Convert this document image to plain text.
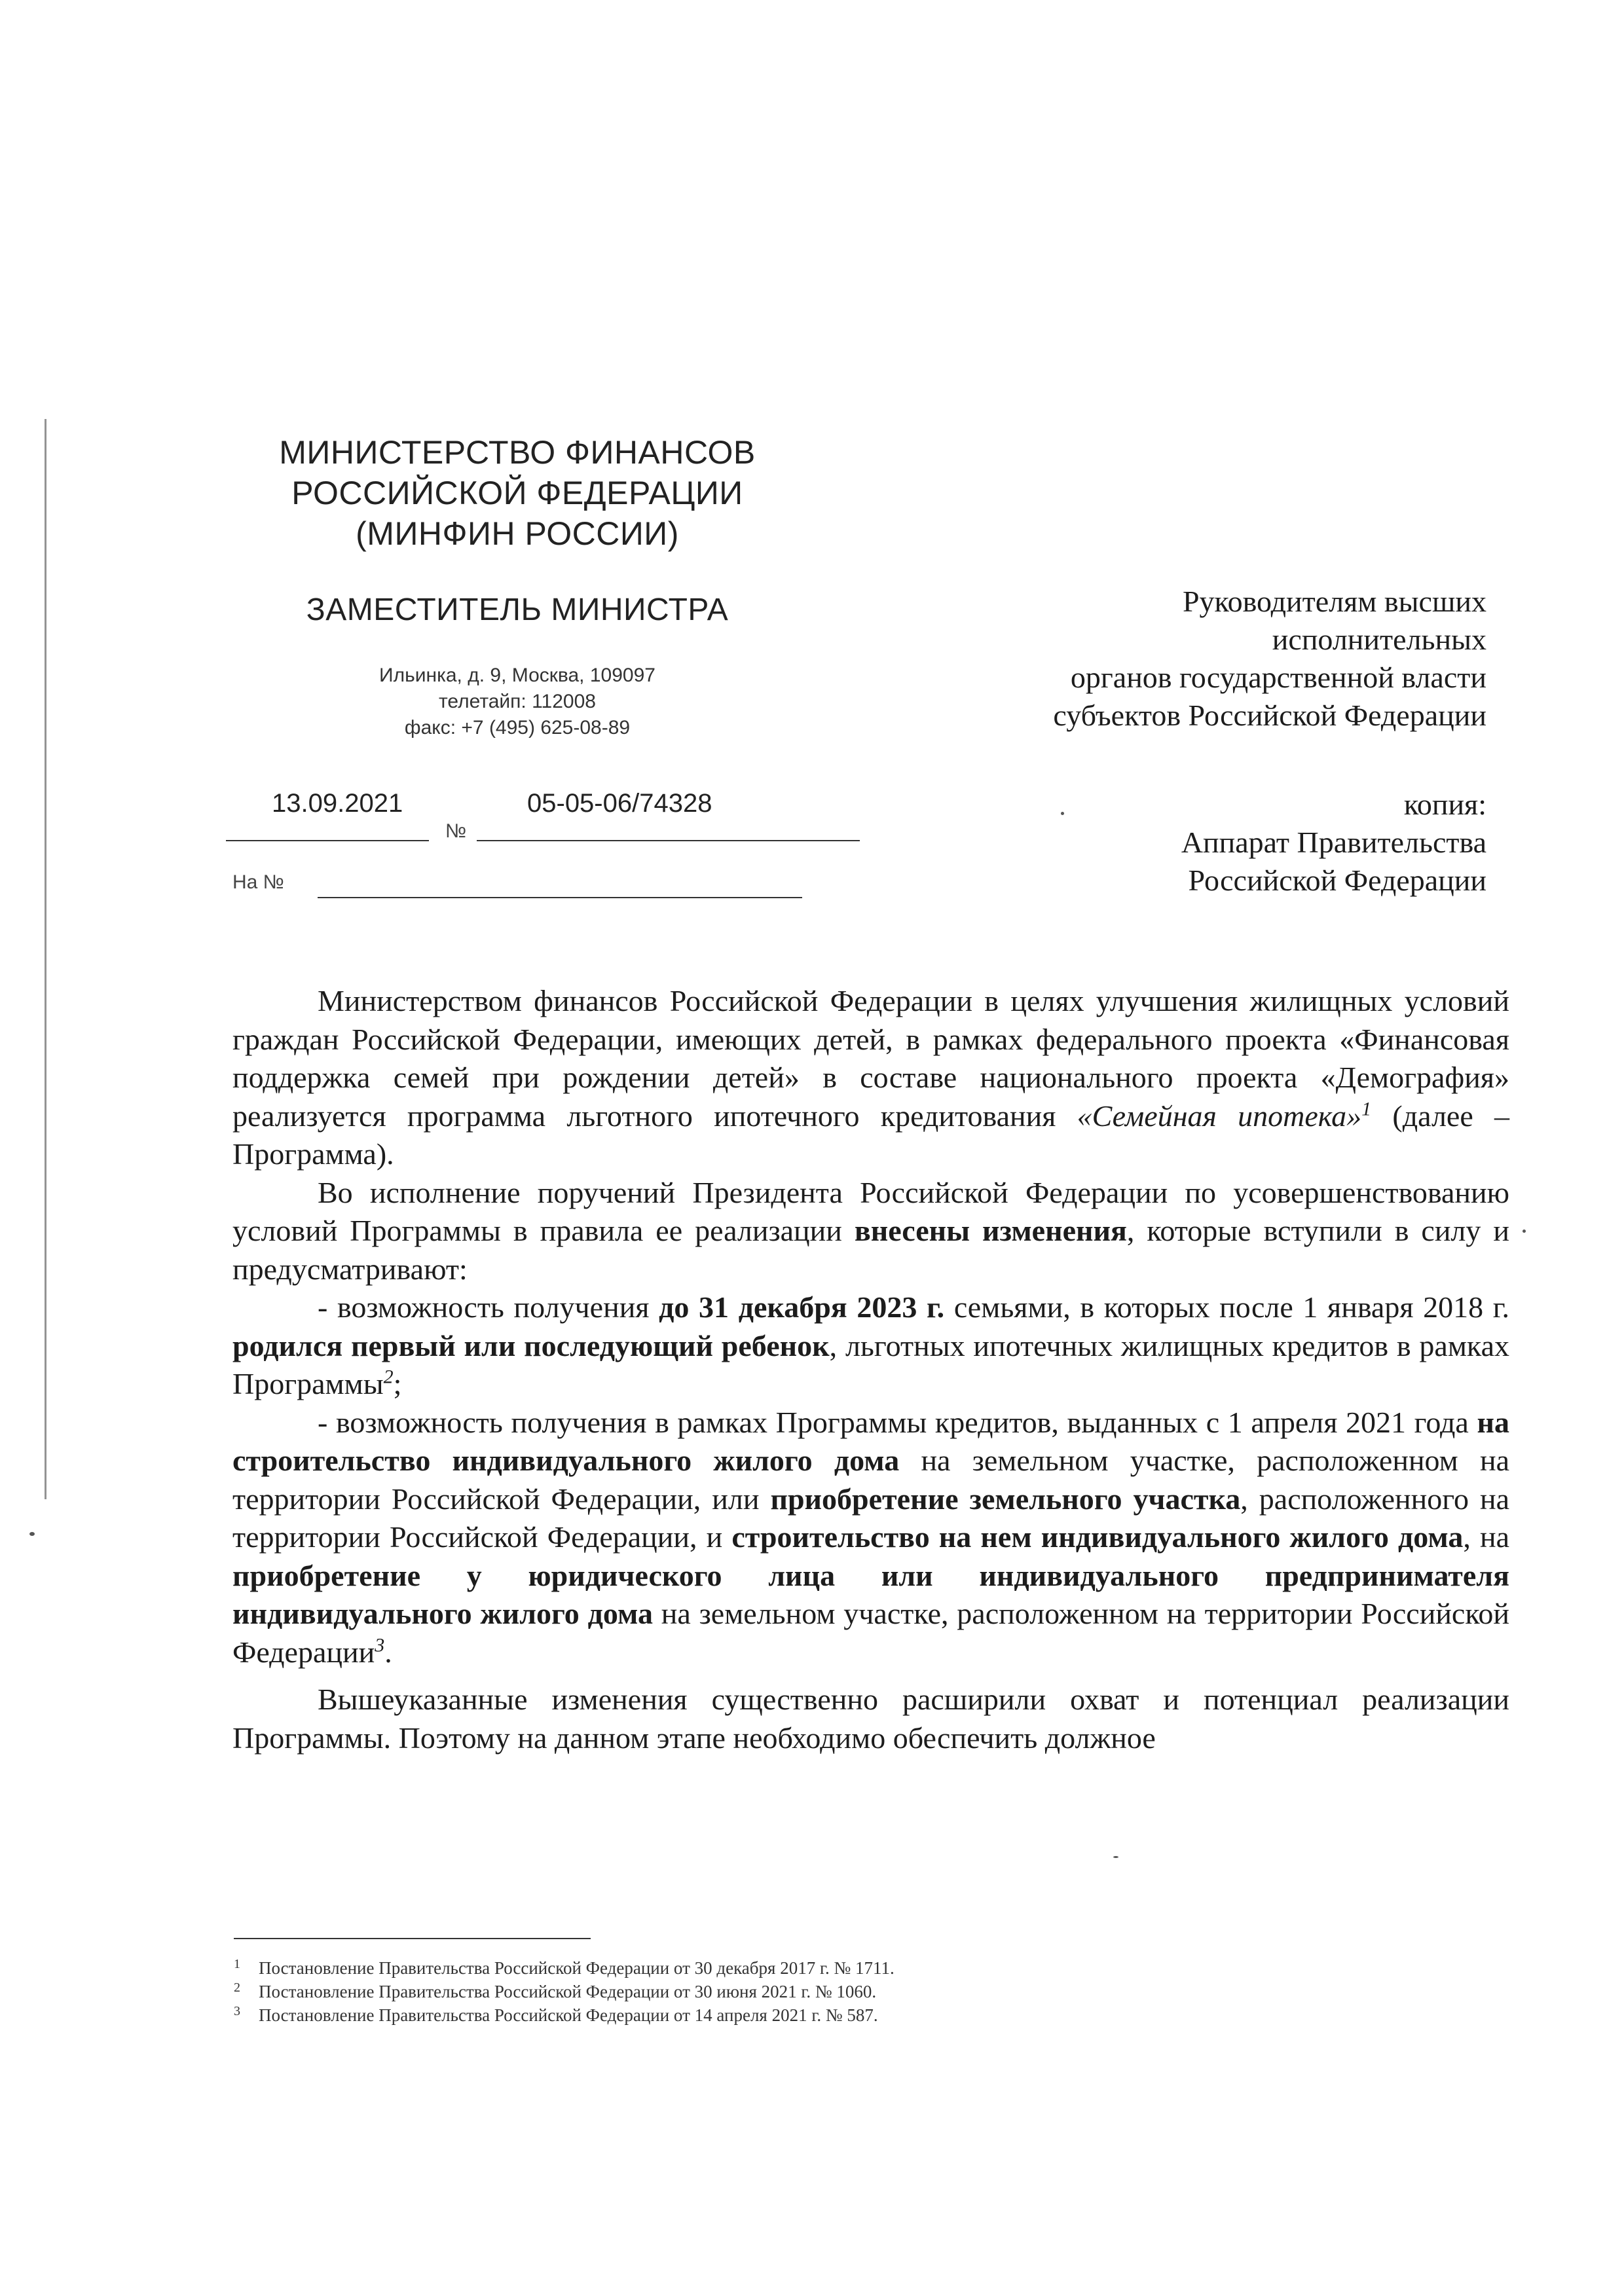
МИНИСТЕРСТВО ФИНАНСОВ
РОССИЙСКОЙ ФЕДЕРАЦИИ
(МИНФИН РОССИИ)
ЗАМЕСТИТЕЛЬ МИНИСТРА
Ильинка, д. 9, Москва, 109097
телетайп: 112008
факс: +7 (495) 625-08-89
13.09.2021	05-05-06/74328
№
На №
Руководителям высших
исполнительных
органов государственной власти
субъектов Российской Федерации
копия:
Аппарат Правительства
Российской Федерации

Министерством финансов Российской Федерации в целях улучшения жилищных условий граждан Российской Федерации, имеющих детей, в рамках федерального проекта «Финансовая поддержка семей при рождении детей» в составе национального проекта «Демография» реализуется программа льготного ипотечного кредитования «Семейная ипотека»$^1$ (далее – Программа).

Во исполнение поручений Президента Российской Федерации по усовершенствованию условий Программы в правила ее реализации внесены изменения, которые вступили в силу и предусматривают:

- возможность получения до 31 декабря 2023 г. семьями, в которых после 1 января 2018 г. родился первый или последующий ребенок, льготных ипотечных жилищных кредитов в рамках Программы$^2$;

- возможность получения в рамках Программы кредитов, выданных с 1 апреля 2021 года на строительство индивидуального жилого дома на земельном участке, расположенном на территории Российской Федерации, или приобретение земельного участка, расположенного на территории Российской Федерации, и строительство на нем индивидуального жилого дома, на приобретение у юридического лица или индивидуального предпринимателя индивидуального жилого дома на земельном участке, расположенном на территории Российской Федерации$^3$.

Вышеуказанные изменения существенно расширили охват и потенциал реализации Программы. Поэтому на данном этапе необходимо обеспечить должное

1	Постановление Правительства Российской Федерации от 30 декабря 2017 г. № 1711.
2	Постановление Правительства Российской Федерации от 30 июня 2021 г. № 1060.
3	Постановление Правительства Российской Федерации от 14 апреля 2021 г. № 587.
